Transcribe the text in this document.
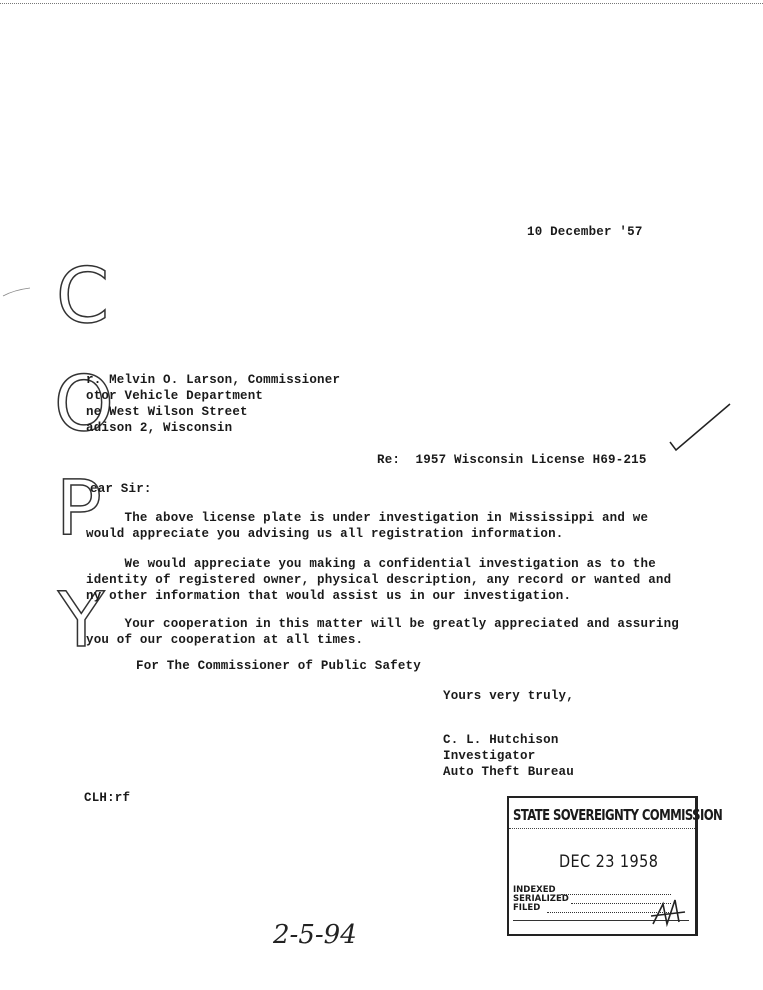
10 December '57
C
O
P
Y
r. Melvin O. Larson, Commissioner
otor Vehicle Department
ne West Wilson Street
adison 2, Wisconsin
Re: 1957 Wisconsin License H69-215
ear Sir:
The above license plate is under investigation in Mississippi and we
would appreciate you advising us all registration information.
We would appreciate you making a confidential investigation as to the
identity of registered owner, physical description, any record or wanted and
ny other information that would assist us in our investigation.
Your cooperation in this matter will be greatly appreciated and assuring
you of our cooperation at all times.
For The Commissioner of Public Safety
Yours very truly,
C. L. Hutchison
Investigator
Auto Theft Bureau
CLH:rf
STATE SOVEREIGNTY COMMISSION
DEC 23 1958
INDEXED
SERIALIZED
FILED
2-5-94
